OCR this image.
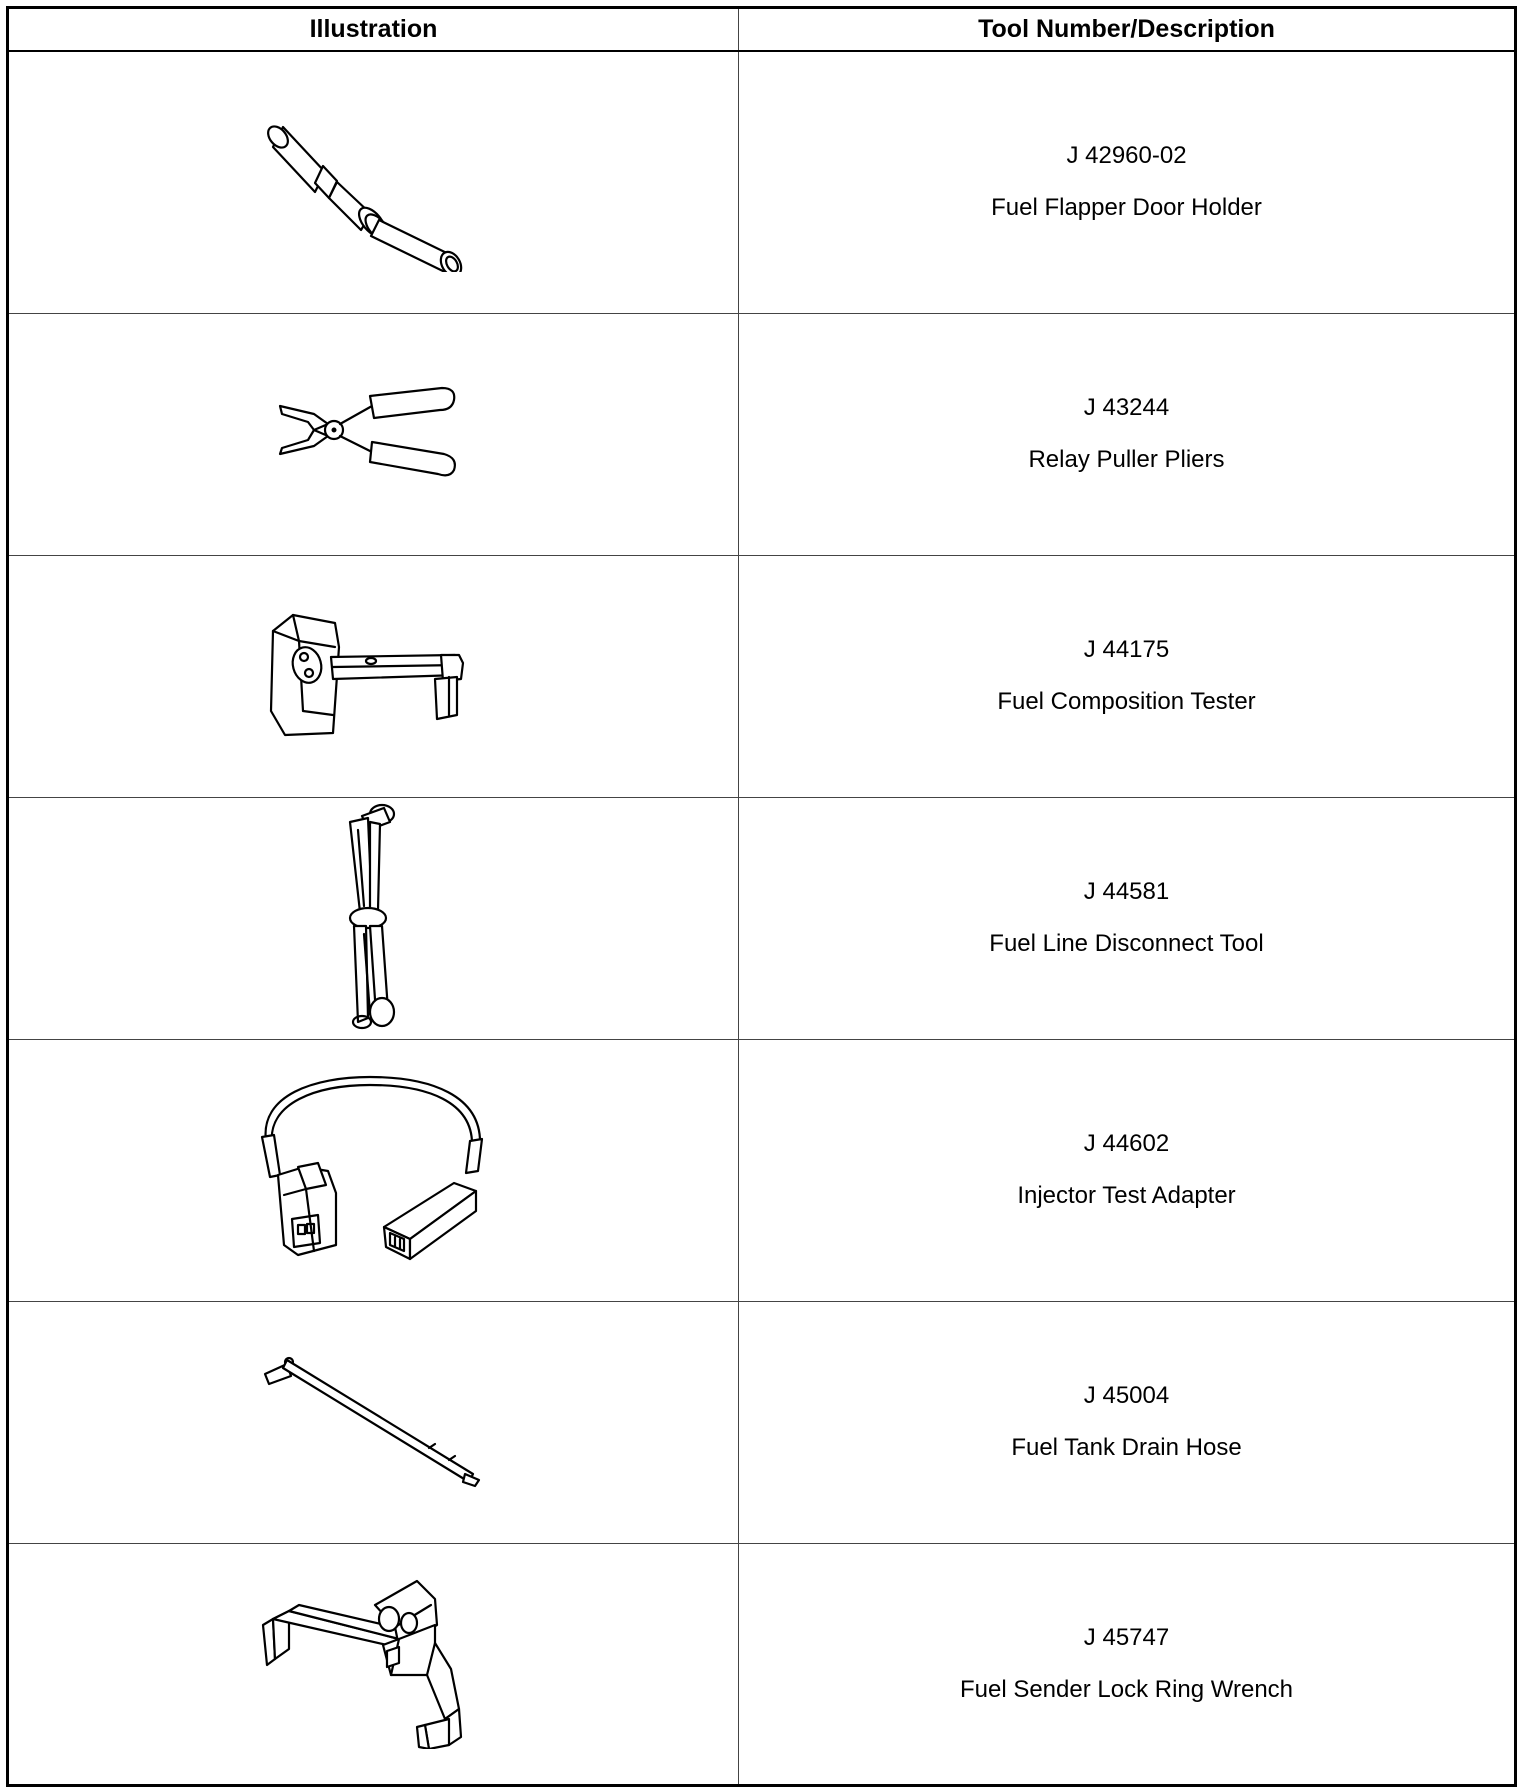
Illustration	Tool Number/Description

J 42960-02
Fuel Flapper Door Holder

J 43244
Relay Puller Pliers

J 44175
Fuel Composition Tester

J 44581
Fuel Line Disconnect Tool

J 44602
Injector Test Adapter

J 45004
Fuel Tank Drain Hose

J 45747
Fuel Sender Lock Ring Wrench
